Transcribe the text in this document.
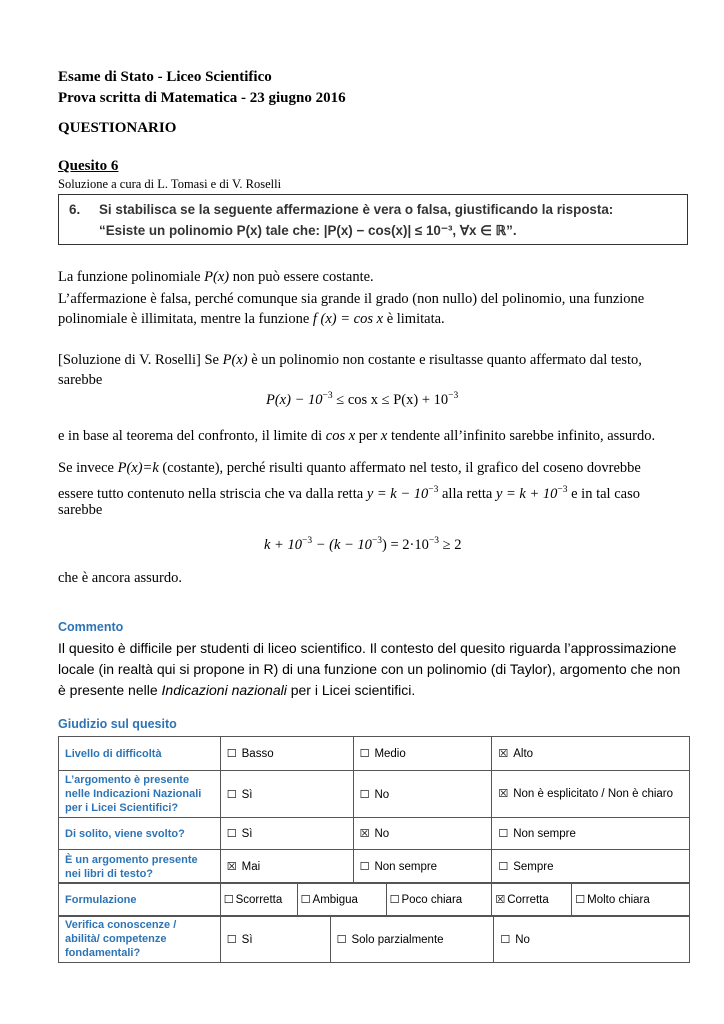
Esame di Stato - Liceo Scientifico
Prova scritta di Matematica - 23 giugno 2016
QUESTIONARIO
Quesito 6
Soluzione a cura di L. Tomasi e di V. Roselli
6. Si stabilisca se la seguente affermazione è vera o falsa, giustificando la risposta:
“Esiste un polinomio P(x) tale che: |P(x) − cos(x)| ≤ 10⁻³, ∀x ∈ ℝ”.
La funzione polinomiale P(x) non può essere costante.
L’affermazione è falsa, perché comunque sia grande il grado (non nullo) del polinomio, una funzione
polinomiale è illimitata, mentre la funzione f (x) = cos x è limitata.
[Soluzione di V. Roselli] Se P(x) è un polinomio non costante e risultasse quanto affermato dal testo,
sarebbe
$P(x) - 10^{-3} \le \cos x \le P(x) + 10^{-3}$
e in base al teorema del confronto, il limite di cos x per x tendente all’infinito sarebbe infinito, assurdo.
Se invece P(x)=k (costante), perché risulti quanto affermato nel testo, il grafico del coseno dovrebbe
essere tutto contenuto nella striscia che va dalla retta $y = k - 10^{-3}$ alla retta $y = k + 10^{-3}$ e in tal caso
sarebbe
$k + 10^{-3} - (k - 10^{-3}) = 2\cdot 10^{-3} \ge 2$
che è ancora assurdo.
Commento
Il quesito è difficile per studenti di liceo scientifico. Il contesto del quesito riguarda l’approssimazione
locale (in realtà qui si propone in R) di una funzione con un polinomio (di Taylor), argomento che non
è presente nelle Indicazioni nazionali per i Licei scientifici.
Giudizio sul quesito
Livello di difficoltà	☐ Basso	☐ Medio	☒ Alto
L’argomento è presente nelle Indicazioni Nazionali per i Licei Scientifici?	☐ Sì	☐ No	☒ Non è esplicitato / Non è chiaro
Di solito, viene svolto?	☐ Sì	☒ No	☐ Non sempre
È un argomento presente nei libri di testo?	☒ Mai	☐ Non sempre	☐ Sempre
Formulazione	☐ Scorretta	☐ Ambigua	☐ Poco chiara	☒ Corretta	☐ Molto chiara
Verifica conoscenze / abilità/ competenze fondamentali?	☐ Sì	☐ Solo parzialmente	☐ No
